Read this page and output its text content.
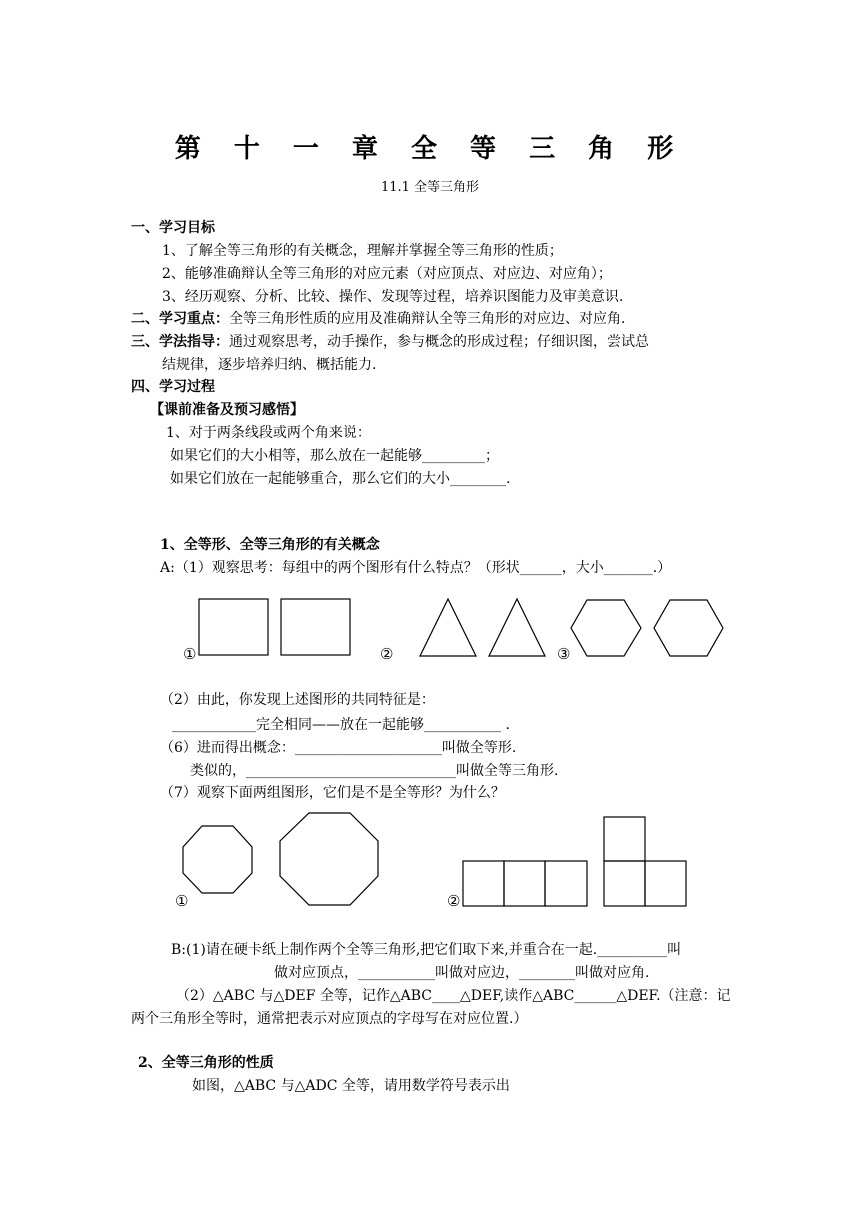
第 十 一 章 全 等 三 角 形
11.1 全等三角形
一、学习目标
1、了解全等三角形的有关概念，理解并掌握全等三角形的性质；
2、能够准确辩认全等三角形的对应元素（对应顶点、对应边、对应角）；
3、经历观察、分析、比较、操作、发现等过程，培养识图能力及审美意识.
二、学习重点：全等三角形性质的应用及准确辩认全等三角形的对应边、对应角.
三、学法指导：通过观察思考，动手操作，参与概念的形成过程；仔细识图，尝试总
结规律，逐步培养归纳、概括能力.
四、学习过程
【课前准备及预习感悟】
1、对于两条线段或两个角来说：
如果它们的大小相等，那么放在一起能够_________；
如果它们放在一起能够重合，那么它们的大小________.
1、全等形、全等三角形的有关概念
A:（1）观察思考：每组中的两个图形有什么特点？（形状______，大小_______.）
①	②	③
（2）由此，你发现上述图形的共同特征是：
____________完全相同——放在一起能够___________ .
（6）进而得出概念：_____________________叫做全等形.
类似的，______________________________叫做全等三角形.
（7）观察下面两组图形，它们是不是全等形？为什么？
①	②
B:(1)请在硬卡纸上制作两个全等三角形,把它们取下来,并重合在一起.__________叫
做对应顶点，___________叫做对应边，________叫做对应角.
（2）△ABC 与△DEF 全等，记作△ABC____△DEF,读作△ABC______△DEF.（注意：记
两个三角形全等时，通常把表示对应顶点的字母写在对应位置.）
2、全等三角形的性质
如图，△ABC 与△ADC 全等，请用数学符号表示出
